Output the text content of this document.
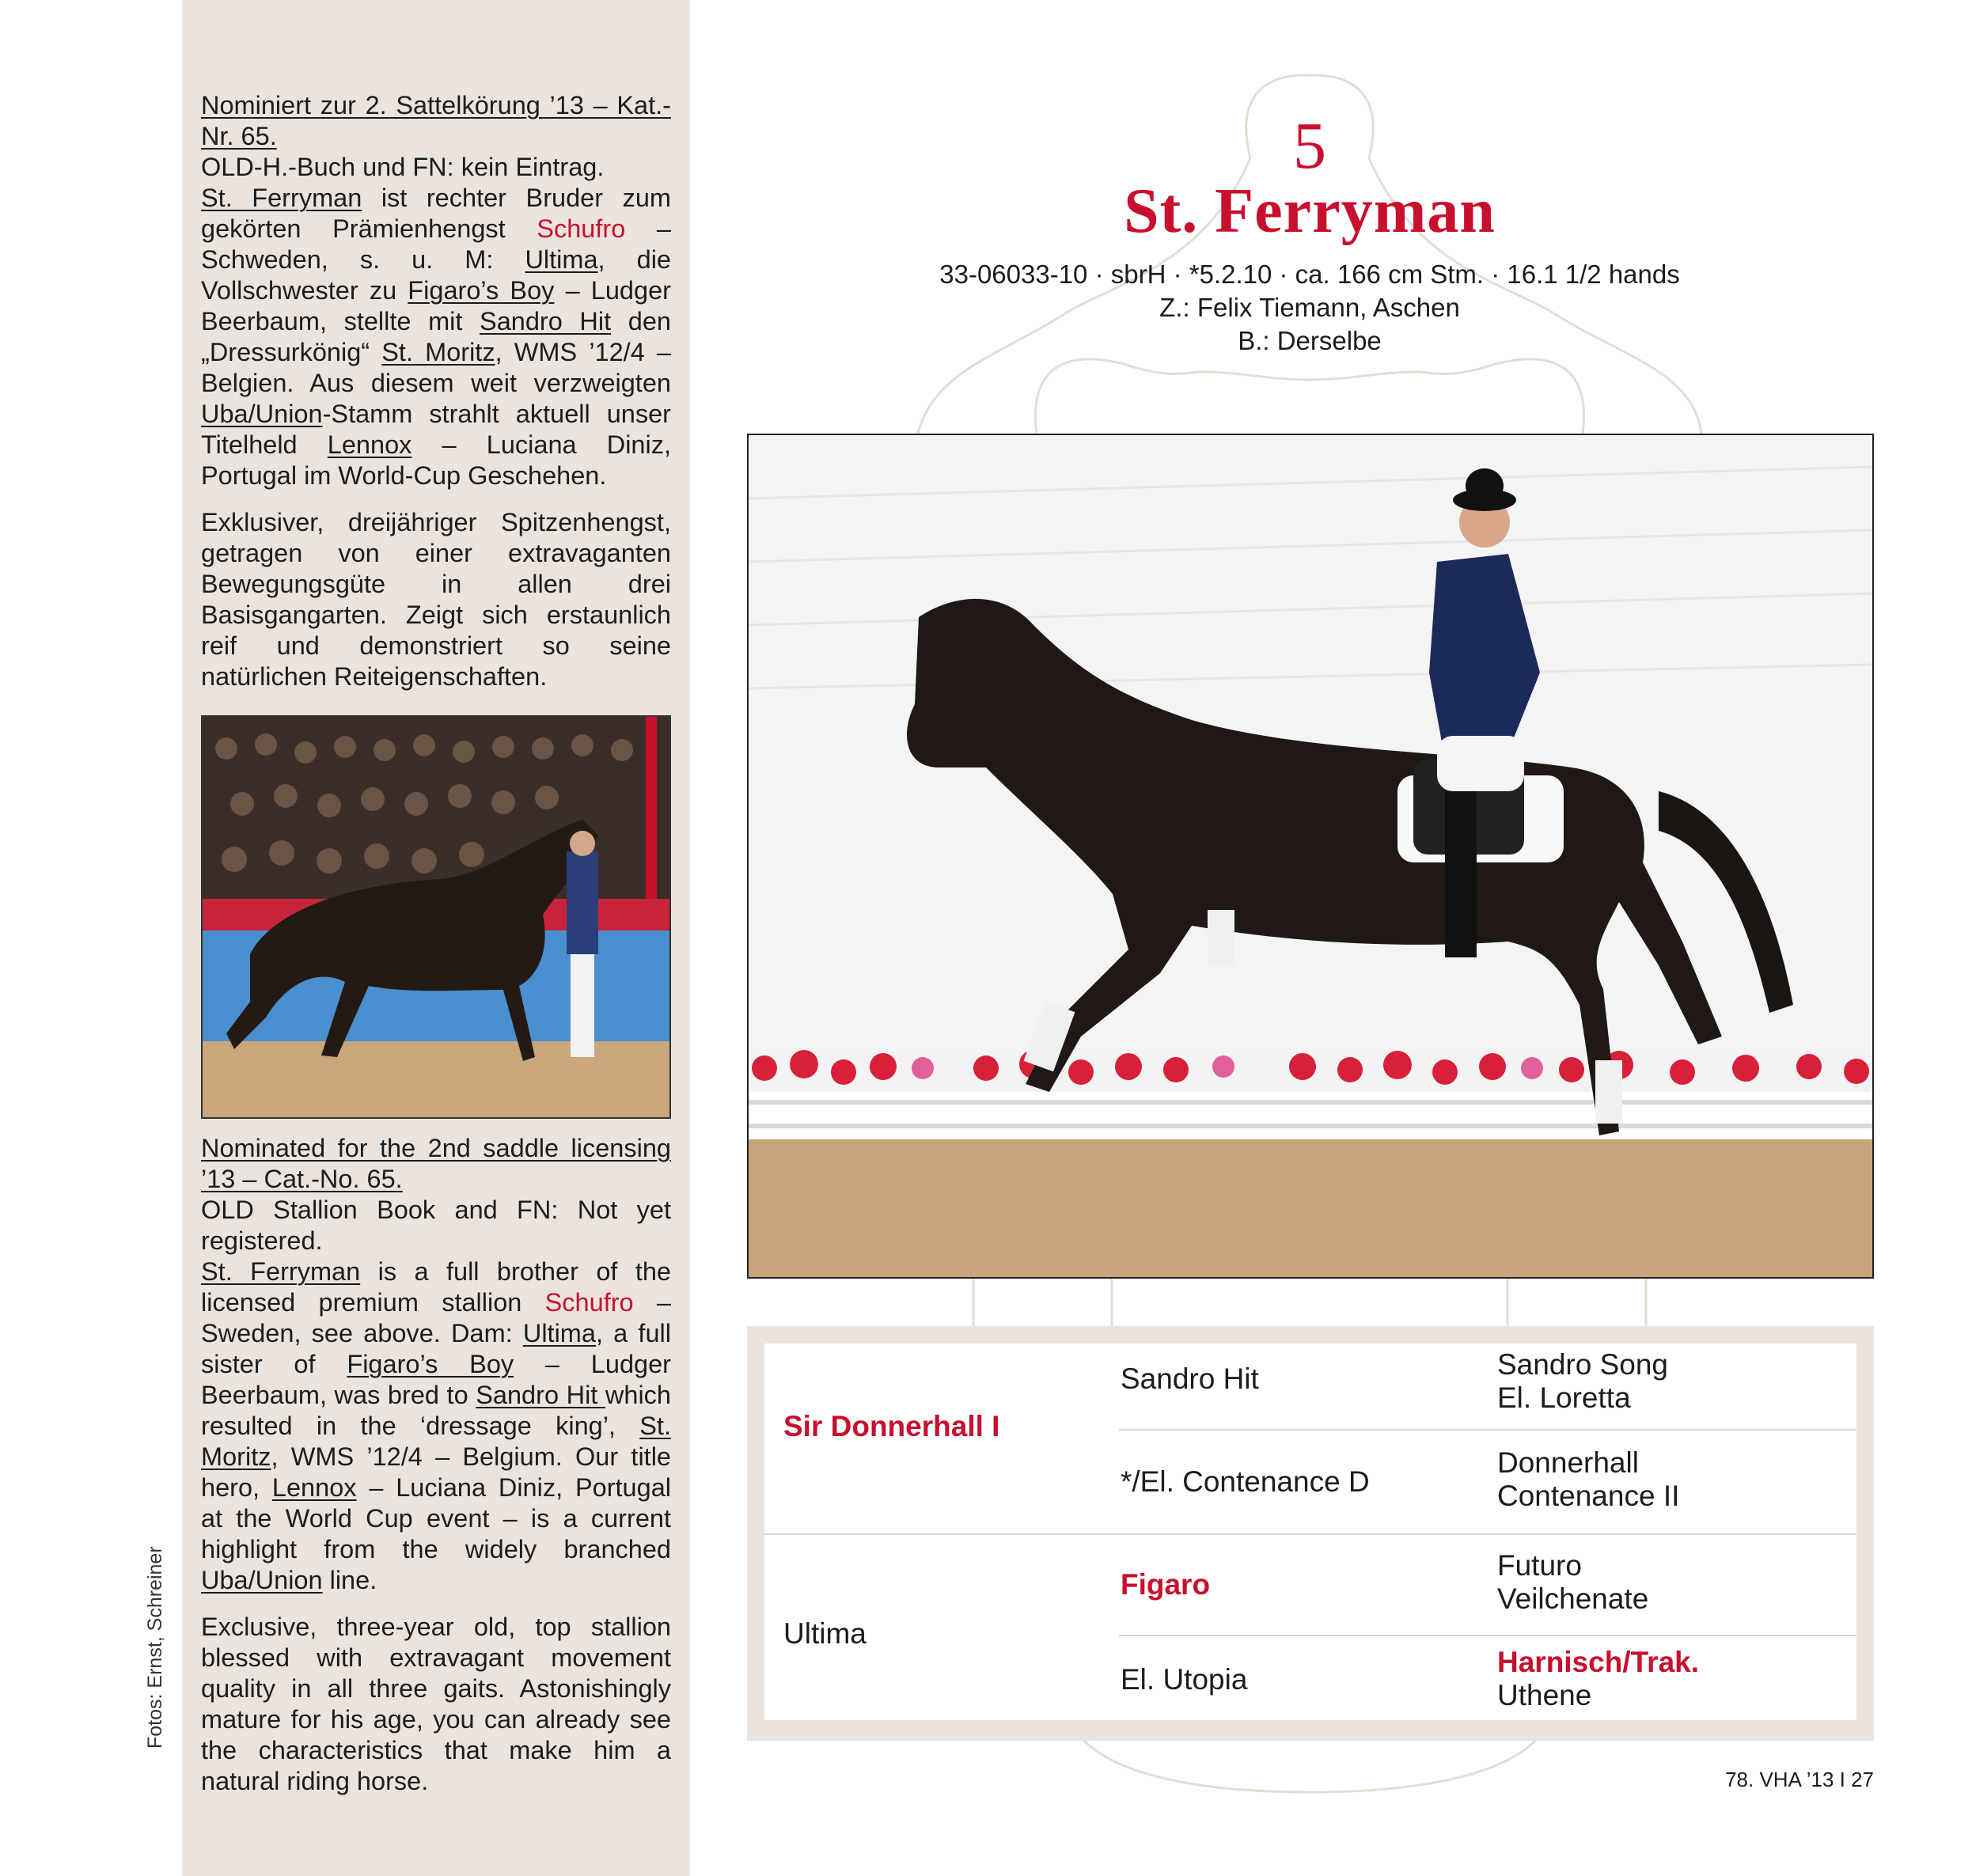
Nominiert zur 2. Sattelkörung ’13 – Kat.-Nr. 65.

OLD-H.-Buch und FN: kein Eintrag.

St. Ferryman ist rechter Bruder zum gekörten Prämienhengst Schufro – Schweden, s. u. M: Ultima, die Vollschwester zu Figaro’s Boy – Ludger Beerbaum, stellte mit Sandro Hit den „Dressurkönig“ St. Moritz, WMS ’12/4 – Belgien. Aus diesem weit verzweigten Uba/Union-Stamm strahlt aktuell unser Titelheld Lennox – Luciana Diniz, Portugal im World-Cup Geschehen.

Exklusiver, dreijähriger Spitzenhengst, getragen von einer extravaganten Bewegungsgüte in allen drei Basisgangarten. Zeigt sich erstaunlich reif und demonstriert so seine natürlichen Reiteigenschaften.

Nominated for the 2nd saddle licensing ’13 – Cat.-No. 65.

OLD Stallion Book and FN: Not yet registered.

St. Ferryman is a full brother of the licensed premium stallion Schufro – Sweden, see above. Dam: Ultima, a full sister of Figaro’s Boy – Ludger Beerbaum, was bred to Sandro Hit which resulted in the ‘dressage king’, St. Moritz, WMS ’12/4 – Belgium. Our title hero, Lennox – Luciana Diniz, Portugal at the World Cup event – is a current highlight from the widely branched Uba/Union line.

Exclusive, three-year old, top stallion blessed with extravagant movement quality in all three gaits. Astonishingly mature for his age, you can already see the characteristics that make him a natural riding horse.

Fotos: Ernst, Schreiner
5
St. Ferryman
33-06033-10 · sbrH · *5.2.10 · ca. 166 cm Stm. · 16.1 1/2 hands
Z.: Felix Tiemann, Aschen
B.: Derselbe
Sir Donnerhall I
Ultima
Sandro Hit
*/El. Contenance D
Figaro
El. Utopia
Sandro Song
El. Loretta
Donnerhall
Contenance II
Futuro
Veilchenate
Harnisch/Trak.
Uthene
78. VHA ’13 I 27
